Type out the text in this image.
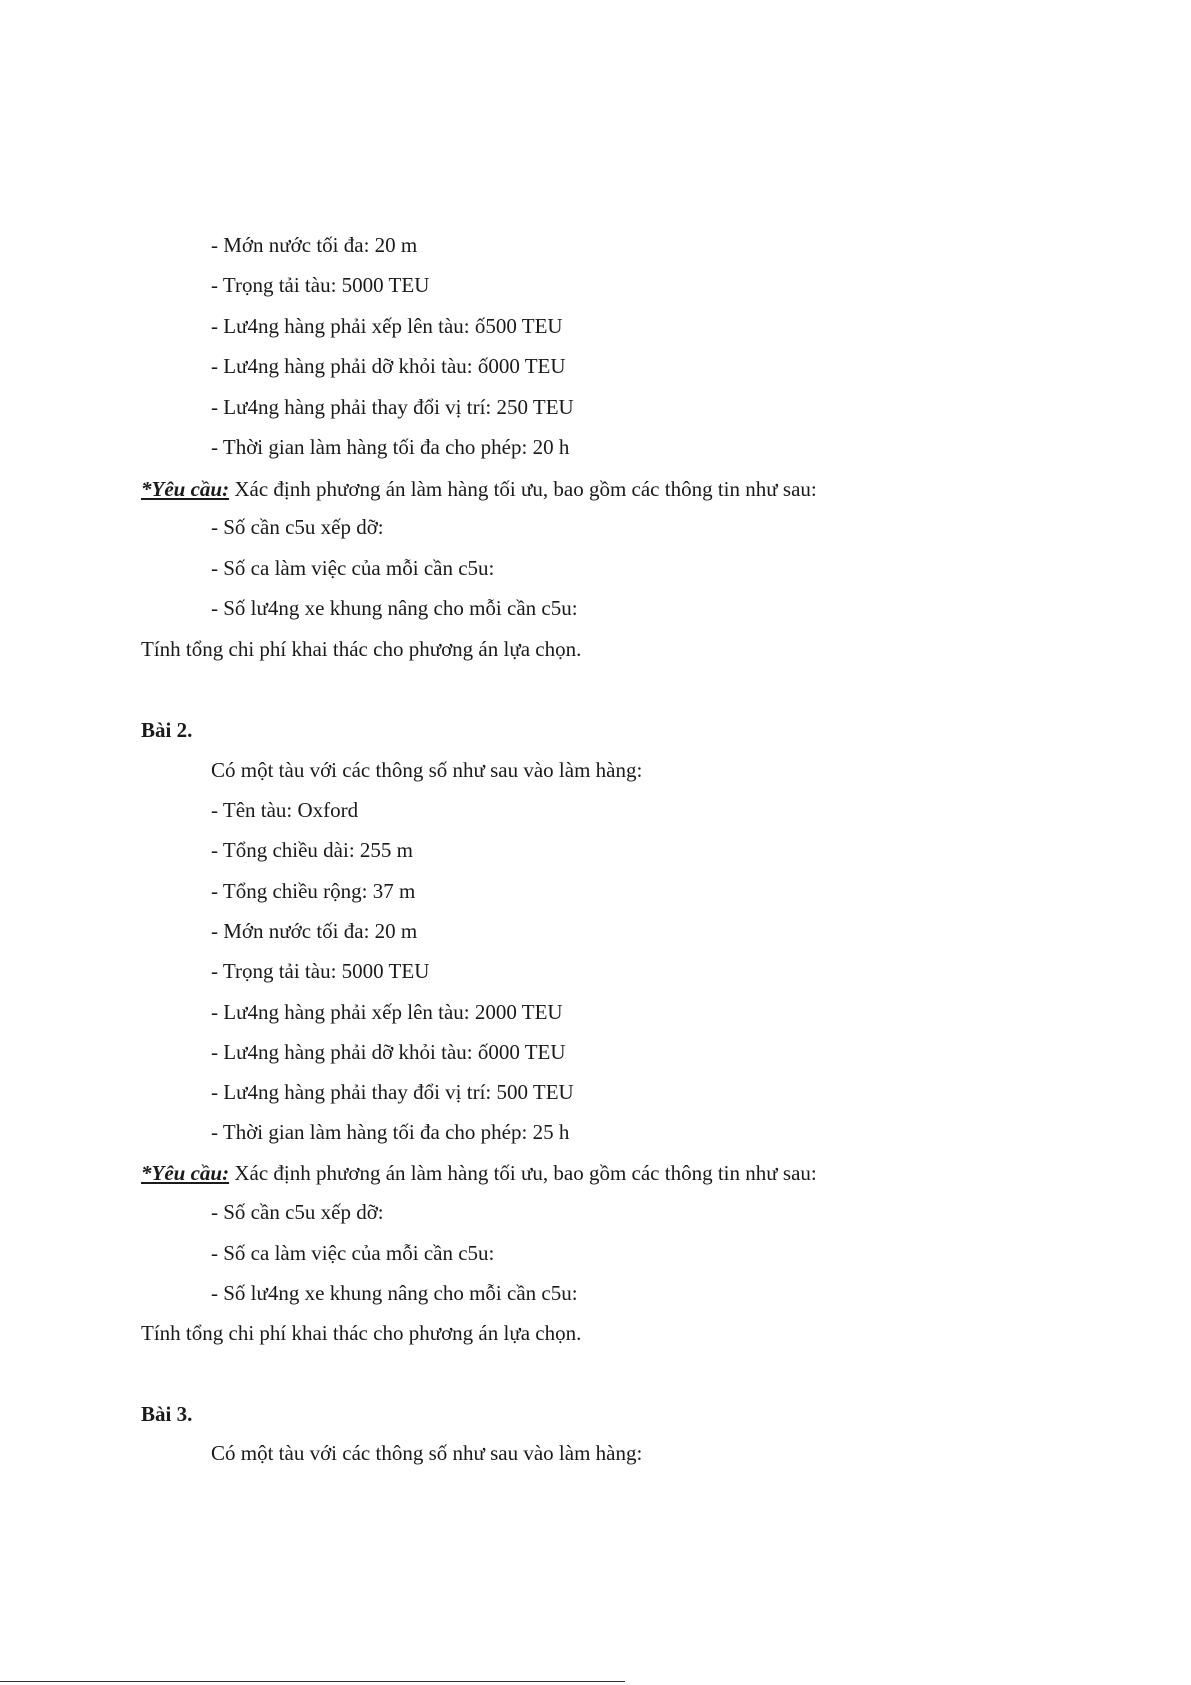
- Mớn nước tối đa: 20 m
- Trọng tải tàu: 5000 TEU
- Lư4ng hàng phải xếp lên tàu: ố500 TEU
- Lư4ng hàng phải dỡ khỏi tàu: ố000 TEU
- Lư4ng hàng phải thay đổi vị trí: 250 TEU
- Thời gian làm hàng tối đa cho phép: 20 h
*Yêu cầu: Xác định phương án làm hàng tối ưu, bao gồm các thông tin như sau:
- Số cần c5u xếp dỡ:
- Số ca làm việc của mỗi cần c5u:
- Số lư4ng xe khung nâng cho mỗi cần c5u:
Tính tổng chi phí khai thác cho phương án lựa chọn.
Bài 2.
Có một tàu với các thông số như sau vào làm hàng:
- Tên tàu: Oxford
- Tổng chiều dài: 255 m
- Tổng chiều rộng: 37 m
- Mớn nước tối đa: 20 m
- Trọng tải tàu: 5000 TEU
- Lư4ng hàng phải xếp lên tàu: 2000 TEU
- Lư4ng hàng phải dỡ khỏi tàu: ố000 TEU
- Lư4ng hàng phải thay đổi vị trí: 500 TEU
- Thời gian làm hàng tối đa cho phép: 25 h
*Yêu cầu: Xác định phương án làm hàng tối ưu, bao gồm các thông tin như sau:
- Số cần c5u xếp dỡ:
- Số ca làm việc của mỗi cần c5u:
- Số lư4ng xe khung nâng cho mỗi cần c5u:
Tính tổng chi phí khai thác cho phương án lựa chọn.
Bài 3.
Có một tàu với các thông số như sau vào làm hàng:
